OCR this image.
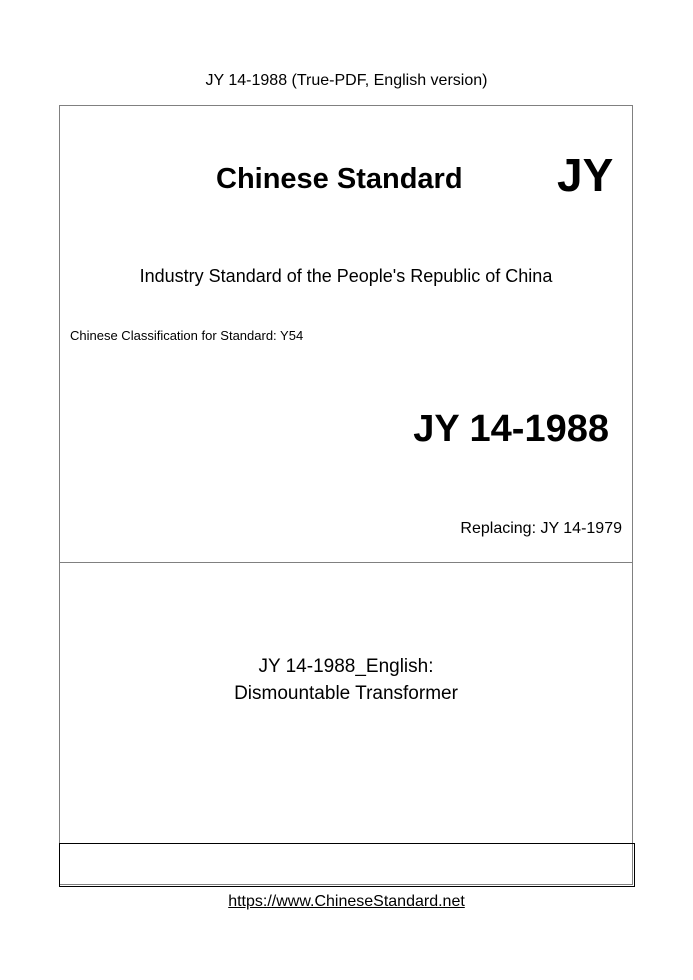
JY 14-1988 (True-PDF, English version)
Chinese Standard JY
Industry Standard of the People's Republic of China
Chinese Classification for Standard: Y54
JY 14-1988
Replacing: JY 14-1979
JY 14-1988_English:
Dismountable Transformer
https://www.ChineseStandard.net
